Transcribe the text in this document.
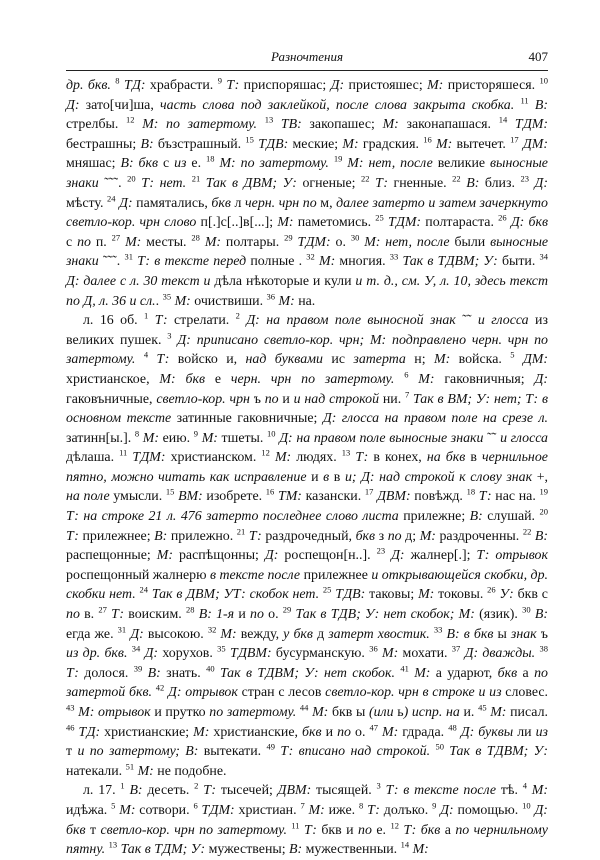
Разночтения	407

др. бкв. $^8$ ТД: храбрасти. $^9$ Т: приспоряшас; Д: пристояшес; М: присторяшеся. $^{10}$ Д: зато[чи]ша, часть слова под заклейкой, после слова закрыта скобка. $^{11}$ В: стрелбы. $^{12}$ М: по затертому. $^{13}$ ТВ: закопашес; М: законапашася. $^{14}$ ТДМ: бестрашны; В: бъзстрашный. $^{15}$ ТДВ: меские; М: градския. $^{16}$ М: вытечет. $^{17}$ ДМ: мняшас; В: бкв с из е. $^{18}$ М: по затертому. $^{19}$ М: нет, после великие выносные знаки ˜˜˜. $^{20}$ Т: нет. $^{21}$ Так в ДВМ; У: огненые; $^{22}$ Т: гненные. $^{22}$ В: близ. $^{23}$ Д: мѣсту. $^{24}$ Д: памятались, бкв л черн. чрн по м, далее затерто и затем зачеркнуто светло-кор. чрн слово п[.]с[..]в[...]; М: паметомись. $^{25}$ ТДМ: полтараста. $^{26}$ Д: бкв с по п. $^{27}$ М: месты. $^{28}$ М: полтары. $^{29}$ ТДМ: о. $^{30}$ М: нет, после были выносные знаки ˜˜˜. $^{31}$ Т: в тексте перед полные . $^{32}$ М: многия. $^{33}$ Так в ТДВМ; У: быти. $^{34}$ Д: далее с л. 30 текст и дѣла нѣкоторые и кули и т. д., см. У, л. 10, здесь текст по Д, л. 36 и сл.. $^{35}$ М: очиствиши. $^{36}$ М: на.

л. 16 об. $^1$ Т: стрелати. $^2$ Д: на правом поле выносной знак ˜˜ и глосса из великих пушек. $^3$ Д: приписано светло-кор. чрн; М: подправлено черн. чрн по затертому. $^4$ Т: войско и, над буквами ис затерта н; М: войска. $^5$ ДМ: христианское, М: бкв е черн. чрн по затертому. $^6$ М: гаковничныя; Д: гаковъничные, светло-кор. чрн ъ по и и над строкой ни. $^7$ Так в ВМ; У: нет; Т: в основном тексте затинные гаковничные; Д: глосса на правом поле на срезе л. затинн[ы.]. $^8$ М: еию. $^9$ М: тшеты. $^{10}$ Д: на правом поле выносные знаки ˜˜ и глосса дѣлаша. $^{11}$ ТДМ: христианском. $^{12}$ М: людях. $^{13}$ Т: в конех, на бкв в чернильное пятно, можно читать как исправление и в в и; Д: над строкой к слову знак +, на поле умысли. $^{15}$ ВМ: изобрете. $^{16}$ ТМ: казански. $^{17}$ ДВМ: повѣжд. $^{18}$ Т: нас на. $^{19}$ Т: на строке 21 л. 476 затерто последнее слово листа прилежне; В: слушай. $^{20}$ Т: прилежнее; В: прилежно. $^{21}$ Т: раздрочедный, бкв з по д; М: раздроченны. $^{22}$ В: распещонные; М: распѣщонны; Д: роспещон[н..]. $^{23}$ Д: жалнер[.]; Т: отрывок роспещонный жалнерю в тексте после прилежнее и открывающейся скобки, др. скобки нет. $^{24}$ Так в ДВМ; УТ: скобок нет. $^{25}$ ТДВ: таковы; М: токовы. $^{26}$ У: бкв с по в. $^{27}$ Т: воиским. $^{28}$ В: 1-я и по о. $^{29}$ Так в ТДВ; У: нет скобок; М: (язик). $^{30}$ В: егда же. $^{31}$ Д: высокою. $^{32}$ М: вежду, у бкв д затерт хвостик. $^{33}$ В: в бкв ы знак ъ из др. бкв. $^{34}$ Д: хорухов. $^{35}$ ТДВМ: бусурманскую. $^{36}$ М: мохати. $^{37}$ Д: дважды. $^{38}$ Т: долося. $^{39}$ В: знать. $^{40}$ Так в ТДВМ; У: нет скобок. $^{41}$ М: а ударют, бкв а по затертой бкв. $^{42}$ Д: отрывок стран с лесов светло-кор. чрн в строке и из словес. $^{43}$ М: отрывок и прутко по затертому. $^{44}$ М: бкв ы (или ь) испр. на и. $^{45}$ М: писал. $^{46}$ ТД: христианские; М: христианские, бкв и по о. $^{47}$ М: гдрада. $^{48}$ Д: буквы ли из т и по затертому; В: вытекати. $^{49}$ Т: вписано над строкой. $^{50}$ Так в ТДВМ; У: натекали. $^{51}$ М: не подобне.

л. 17. $^1$ В: десеть. $^2$ Т: тысечей; ДВМ: тысящей. $^3$ Т: в тексте после тѣ. $^4$ М: идѣжа. $^5$ М: сотвори. $^6$ ТДМ: христиан. $^7$ М: иже. $^8$ Т: долъко. $^9$ Д: помощью. $^{10}$ Д: бкв т светло-кор. чрн по затертому. $^{11}$ Т: бкв и по е. $^{12}$ Т: бкв а по чернильному пятну. $^{13}$ Так в ТДМ; У: мужествены; В: мужественныи. $^{14}$ М:
